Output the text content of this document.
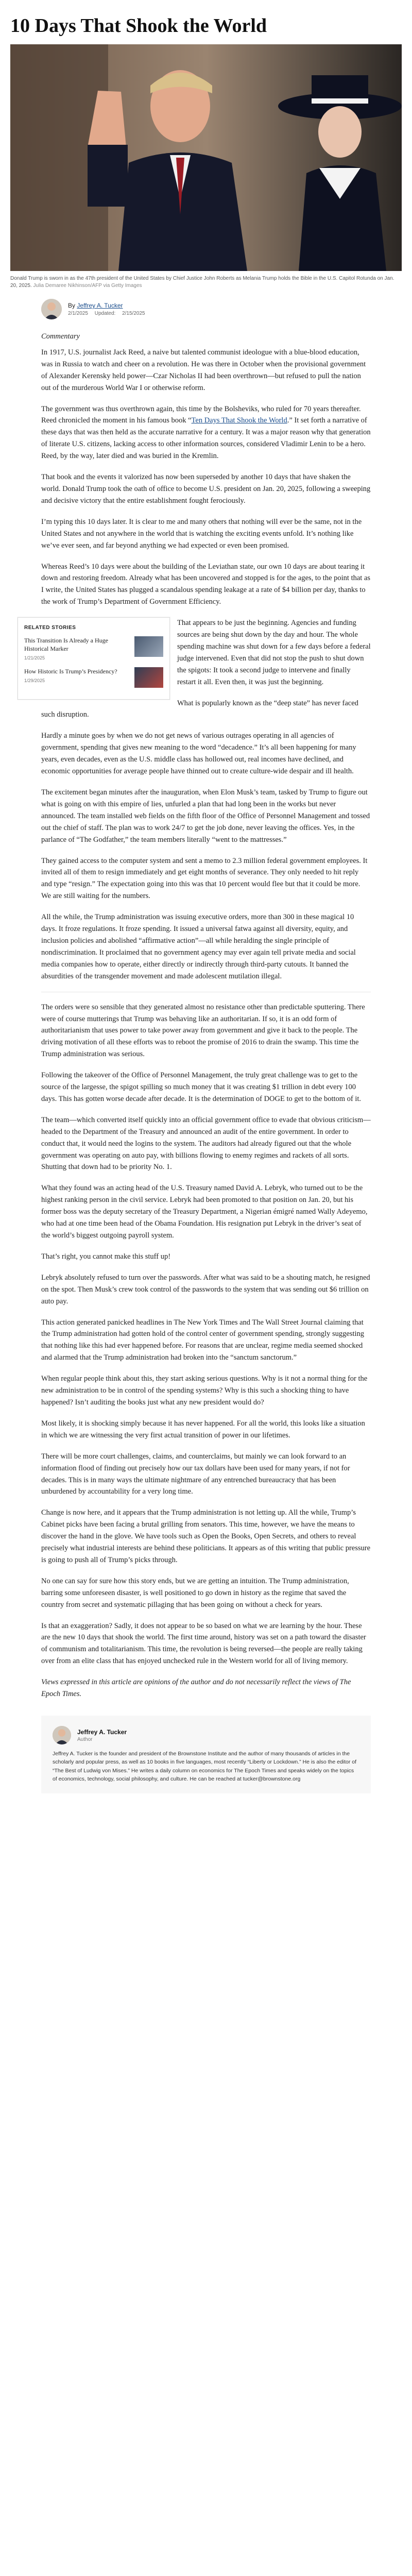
10 Days That Shook the World
Donald Trump is sworn in as the 47th president of the United States by Chief Justice John Roberts as Melania Trump holds the Bible in the U.S. Capitol Rotunda on Jan. 20, 2025. Julia Demaree Nikhinson/AFP via Getty Images
By Jeffrey A. Tucker
2/1/2025 Updated: 2/15/2025
Commentary

In 1917, U.S. journalist Jack Reed, a naive but talented communist ideologue with a blue-blood education, was in Russia to watch and cheer on a revolution. He was there in October when the provisional government of Alexander Kerensky held power—Czar Nicholas II had been overthrown—but refused to pull the nation out of the murderous World War I or otherwise reform.

The government was thus overthrown again, this time by the Bolsheviks, who ruled for 70 years thereafter. Reed chronicled the moment in his famous book “Ten Days That Shook the World.” It set forth a narrative of these days that was then held as the accurate narrative for a century. It was a major reason why that generation of literate U.S. citizens, lacking access to other information sources, considered Vladimir Lenin to be a hero. Reed, by the way, later died and was buried in the Kremlin.

That book and the events it valorized has now been superseded by another 10 days that have shaken the world. Donald Trump took the oath of office to become U.S. president on Jan. 20, 2025, following a sweeping and decisive victory that the entire establishment fought ferociously.

I’m typing this 10 days later. It is clear to me and many others that nothing will ever be the same, not in the United States and not anywhere in the world that is watching the exciting events unfold. It’s nothing like we’ve ever seen, and far beyond anything we had expected or even been promised.

Whereas Reed’s 10 days were about the building of the Leviathan state, our own 10 days are about tearing it down and restoring freedom. Already what has been uncovered and stopped is for the ages, to the point that as I write, the United States has plugged a scandalous spending leakage at a rate of $4 billion per day, thanks to the work of Trump’s Department of Government Efficiency.

RELATED STORIES
This Transition Is Already a Huge Historical Marker
1/21/2025
How Historic Is Trump’s Presidency?
1/29/2025

That appears to be just the beginning. Agencies and funding sources are being shut down by the day and hour. The whole spending machine was shut down for a few days before a federal judge intervened. Even that did not stop the push to shut down the spigots: It took a second judge to intervene and finally restart it all. Even then, it was just the beginning.

What is popularly known as the “deep state” has never faced such disruption.

Hardly a minute goes by when we do not get news of various outrages operating in all agencies of government, spending that gives new meaning to the word “decadence.” It’s all been happening for many years, even decades, even as the U.S. middle class has hollowed out, real incomes have declined, and economic opportunities for average people have thinned out to create culture-wide despair and ill health.

The excitement began minutes after the inauguration, when Elon Musk’s team, tasked by Trump to figure out what is going on with this empire of lies, unfurled a plan that had long been in the works but never announced. The team installed web fields on the fifth floor of the Office of Personnel Management and tossed out the chief of staff. The plan was to work 24/7 to get the job done, never leaving the offices. Yes, in the parlance of “The Godfather,” the team members literally “went to the mattresses.”

They gained access to the computer system and sent a memo to 2.3 million federal government employees. It invited all of them to resign immediately and get eight months of severance. They only needed to hit reply and type “resign.” The expectation going into this was that 10 percent would flee but that it could be more. We are still waiting for the numbers.

All the while, the Trump administration was issuing executive orders, more than 300 in these magical 10 days. It froze regulations. It froze spending. It issued a universal fatwa against all diversity, equity, and inclusion policies and abolished “affirmative action”—all while heralding the single principle of nondiscrimination. It proclaimed that no government agency may ever again tell private media and social media companies how to operate, either directly or indirectly through third-party cutouts. It banned the absurdities of the transgender movement and made adolescent mutilation illegal.

The orders were so sensible that they generated almost no resistance other than predictable sputtering. There were of course mutterings that Trump was behaving like an authoritarian. If so, it is an odd form of authoritarianism that uses power to take power away from government and give it back to the people. The driving motivation of all these efforts was to reboot the promise of 2016 to drain the swamp. This time the Trump administration was serious.

Following the takeover of the Office of Personnel Management, the truly great challenge was to get to the source of the largesse, the spigot spilling so much money that it was creating $1 trillion in debt every 100 days. This has gotten worse decade after decade. It is the determination of DOGE to get to the bottom of it.

The team—which converted itself quickly into an official government office to evade that obvious criticism—headed to the Department of the Treasury and announced an audit of the entire government. In order to conduct that, it would need the logins to the system. The auditors had already figured out that the whole government was operating on auto pay, with billions flowing to enemy regimes and rackets of all sorts. Shutting that down had to be priority No. 1.

What they found was an acting head of the U.S. Treasury named David A. Lebryk, who turned out to be the highest ranking person in the civil service. Lebryk had been promoted to that position on Jan. 20, but his former boss was the deputy secretary of the Treasury Department, a Nigerian émigré named Wally Adeyemo, who had at one time been head of the Obama Foundation. His resignation put Lebryk in the driver’s seat of the world’s biggest outgoing payroll system.

That’s right, you cannot make this stuff up!

Lebryk absolutely refused to turn over the passwords. After what was said to be a shouting match, he resigned on the spot. Then Musk’s crew took control of the passwords to the system that was sending out $6 trillion on auto pay.

This action generated panicked headlines in The New York Times and The Wall Street Journal claiming that the Trump administration had gotten hold of the control center of government spending, strongly suggesting that nothing like this had ever happened before. For reasons that are unclear, regime media seemed shocked and alarmed that the Trump administration had broken into the “sanctum sanctorum.”

When regular people think about this, they start asking serious questions. Why is it not a normal thing for the new administration to be in control of the spending systems? Why is this such a shocking thing to have happened? Isn’t auditing the books just what any new president would do?

Most likely, it is shocking simply because it has never happened. For all the world, this looks like a situation in which we are witnessing the very first actual transition of power in our lifetimes.

There will be more court challenges, claims, and counterclaims, but mainly we can look forward to an information flood of finding out precisely how our tax dollars have been used for many years, if not for decades. This is in many ways the ultimate nightmare of any entrenched bureaucracy that has been unburdened by accountability for a very long time.

Change is now here, and it appears that the Trump administration is not letting up. All the while, Trump’s Cabinet picks have been facing a brutal grilling from senators. This time, however, we have the means to discover the hand in the glove. We have tools such as Open the Books, Open Secrets, and others to reveal precisely what industrial interests are behind these politicians. It appears as of this writing that public pressure is going to push all of Trump’s picks through.

No one can say for sure how this story ends, but we are getting an intuition. The Trump administration, barring some unforeseen disaster, is well positioned to go down in history as the regime that saved the country from secret and systematic pillaging that has been going on without a check for years.

Is that an exaggeration? Sadly, it does not appear to be so based on what we are learning by the hour. These are the new 10 days that shook the world. The first time around, history was set on a path toward the disaster of communism and totalitarianism. This time, the revolution is being reversed—the people are really taking over from an elite class that has enjoyed unchecked rule in the Western world for all of living memory.

Views expressed in this article are opinions of the author and do not necessarily reflect the views of The Epoch Times.

Jeffrey A. Tucker
Author

Jeffrey A. Tucker is the founder and president of the Brownstone Institute and the author of many thousands of articles in the scholarly and popular press, as well as 10 books in five languages, most recently “Liberty or Lockdown.” He is also the editor of “The Best of Ludwig von Mises.” He writes a daily column on economics for The Epoch Times and speaks widely on the topics of economics, technology, social philosophy, and culture. He can be reached at tucker@brownstone.org
